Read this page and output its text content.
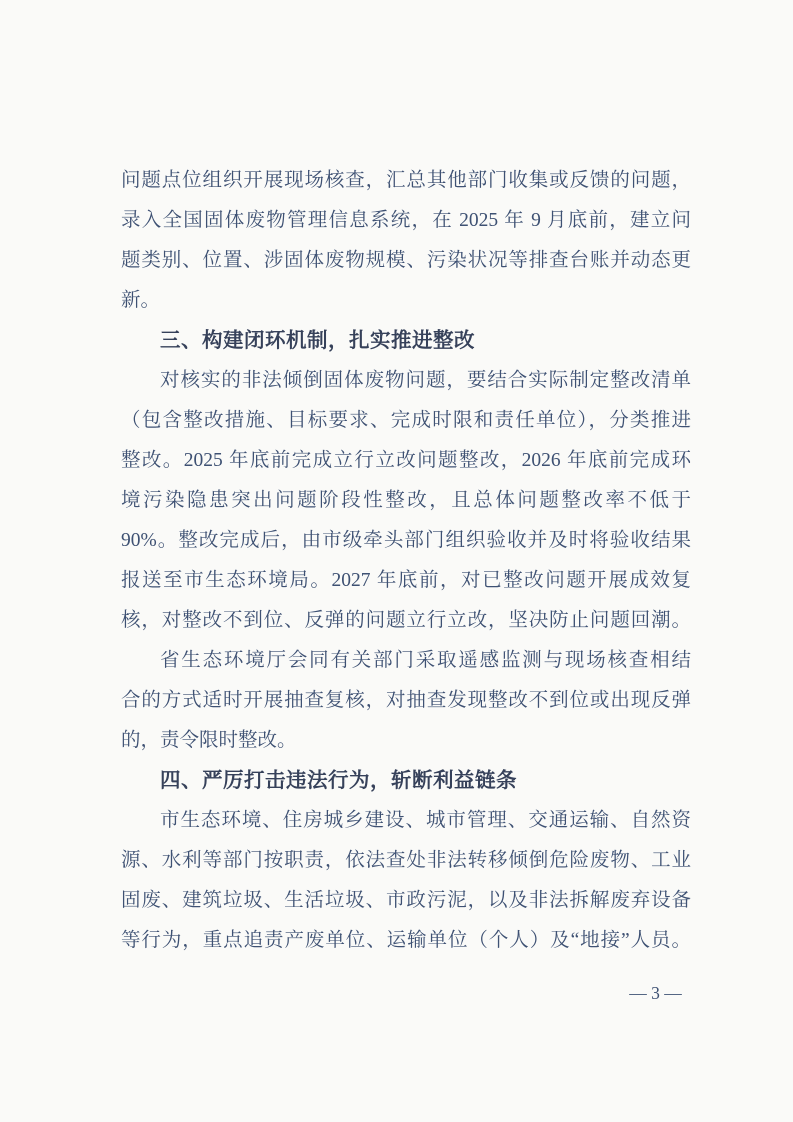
问题点位组织开展现场核查，汇总其他部门收集或反馈的问题，
录入全国固体废物管理信息系统，在 2025 年 9 月底前，建立问
题类别、位置、涉固体废物规模、污染状况等排查台账并动态更
新。
三、构建闭环机制，扎实推进整改
对核实的非法倾倒固体废物问题，要结合实际制定整改清单
（包含整改措施、目标要求、完成时限和责任单位），分类推进
整改。2025 年底前完成立行立改问题整改，2026 年底前完成环
境污染隐患突出问题阶段性整改，且总体问题整改率不低于
90%。整改完成后，由市级牵头部门组织验收并及时将验收结果
报送至市生态环境局。2027 年底前，对已整改问题开展成效复
核，对整改不到位、反弹的问题立行立改，坚决防止问题回潮。
省生态环境厅会同有关部门采取遥感监测与现场核查相结
合的方式适时开展抽查复核，对抽查发现整改不到位或出现反弹
的，责令限时整改。
四、严厉打击违法行为，斩断利益链条
市生态环境、住房城乡建设、城市管理、交通运输、自然资
源、水利等部门按职责，依法查处非法转移倾倒危险废物、工业
固废、建筑垃圾、生活垃圾、市政污泥，以及非法拆解废弃设备
等行为，重点追责产废单位、运输单位（个人）及“地接”人员。
— 3 —
